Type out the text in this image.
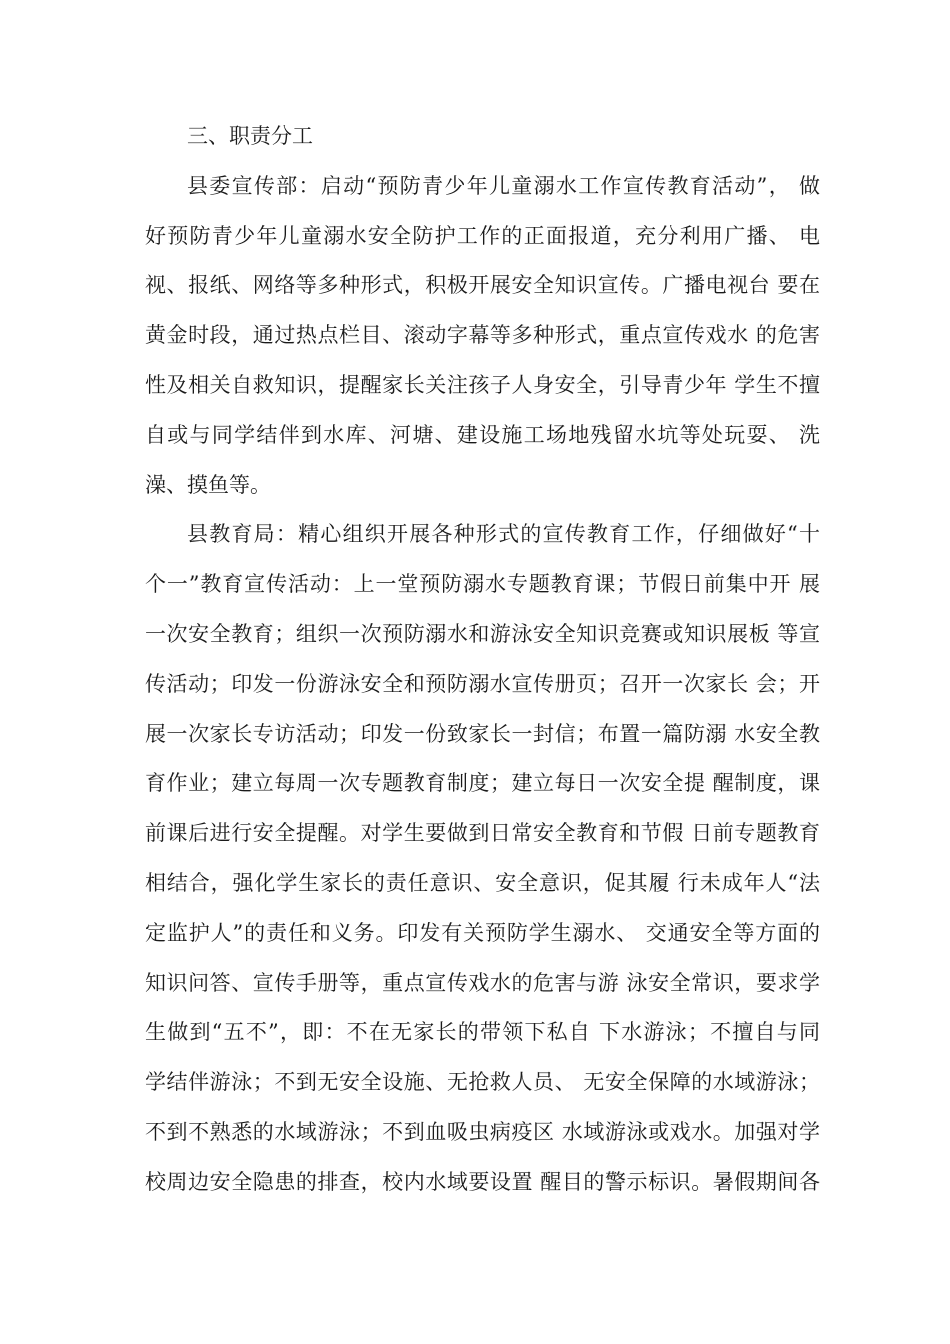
三、职责分工
县委宣传部：启动“预防青少年儿童溺水工作宣传教育活动”， 做
好预防青少年儿童溺水安全防护工作的正面报道，充分利用广播、 电
视、报纸、网络等多种形式，积极开展安全知识宣传。广播电视台 要在
黄金时段，通过热点栏目、滚动字幕等多种形式，重点宣传戏水 的危害
性及相关自救知识，提醒家长关注孩子人身安全，引导青少年 学生不擅
自或与同学结伴到水库、河塘、建设施工场地残留水坑等处玩耍、 洗
澡、摸鱼等。
县教育局：精心组织开展各种形式的宣传教育工作，仔细做好“十
个一”教育宣传活动：上一堂预防溺水专题教育课；节假日前集中开 展
一次安全教育；组织一次预防溺水和游泳安全知识竞赛或知识展板 等宣
传活动；印发一份游泳安全和预防溺水宣传册页；召开一次家长 会；开
展一次家长专访活动；印发一份致家长一封信；布置一篇防溺 水安全教
育作业；建立每周一次专题教育制度；建立每日一次安全提 醒制度，课
前课后进行安全提醒。对学生要做到日常安全教育和节假 日前专题教育
相结合，强化学生家长的责任意识、安全意识，促其履 行未成年人“法
定监护人”的责任和义务。印发有关预防学生溺水、 交通安全等方面的
知识问答、宣传手册等，重点宣传戏水的危害与游 泳安全常识，要求学
生做到“五不”，即：不在无家长的带领下私自 下水游泳；不擅自与同
学结伴游泳；不到无安全设施、无抢救人员、 无安全保障的水域游泳；
不到不熟悉的水域游泳；不到血吸虫病疫区 水域游泳或戏水。加强对学
校周边安全隐患的排查，校内水域要设置 醒目的警示标识。暑假期间各
